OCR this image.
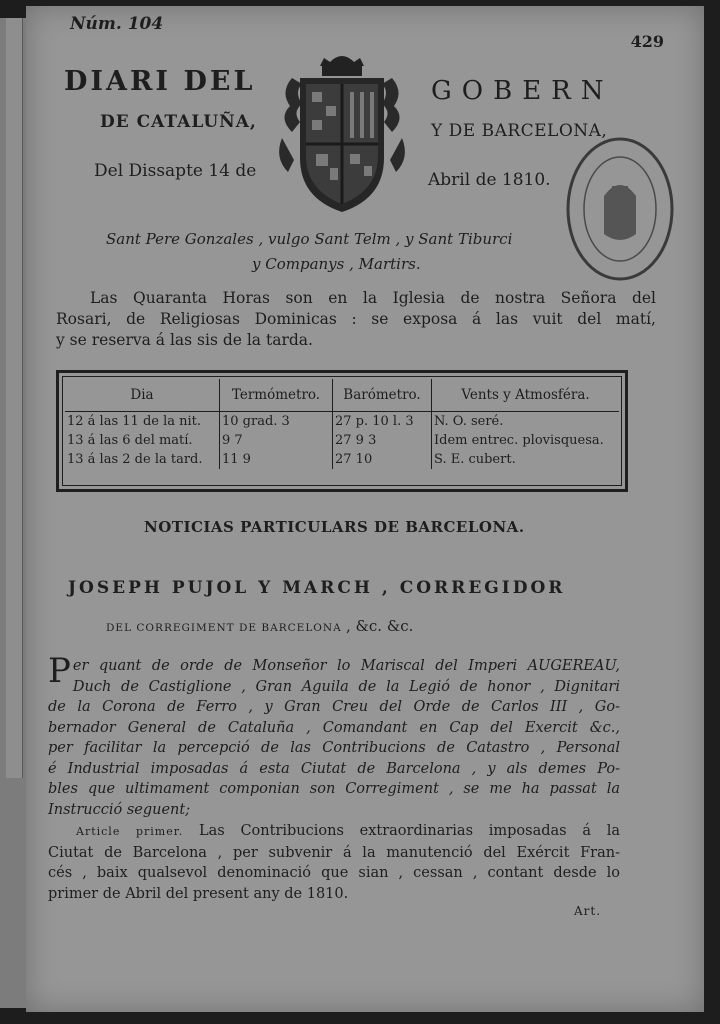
Núm. 104
429
DIARI DEL	GOBERN
DE CATALUÑA,	Y DE BARCELONA,
Del Dissapte 14 de	Abril de 1810.
Sant Pere Gonzales , vulgo Sant Telm , y Sant Tiburci
y Companys , Martirs.
Las Quaranta Horas son en la Iglesia de nostra Señora del
Rosari, de Religiosas Dominicas : se exposa á las vuit del matí,
y se reserva á las sis de la tarda.
Dia	Termómetro.	Barómetro.	Vents y Atmosféra.
12 á las 11 de la nit.	10 grad. 3	27 p. 10 l. 3	N. O. seré.
13 á las 6 del matí.	9 7	27 9 3	Idem entrec. plovisquesa.
13 á las 2 de la tard.	11 9	27 10	S. E. cubert.
NOTICIAS PARTICULARS DE BARCELONA.
JOSEPH PUJOL Y MARCH , CORREGIDOR
DEL CORREGIMENT DE BARCELONA , &c. &c.
P er quant de orde de Monseñor lo Mariscal del Imperi AUGEREAU,
Duch de Castiglione , Gran Aguila de la Legió de honor , Dignitari
de la Corona de Ferro , y Gran Creu del Orde de Carlos III , Go-
bernador General de Cataluña , Comandant en Cap del Exercit &c.,
per facilitar la percepció de las Contribucions de Catastro , Personal
é Industrial imposadas á esta Ciutat de Barcelona , y als demes Po-
bles que ultimament componian son Corregiment , se me ha passat la
Instrucció seguent;
Article primer. Las Contribucions extraordinarias imposadas á la
Ciutat de Barcelona , per subvenir á la manutenció del Exércit Fran-
cés , baix qualsevol denominació que sian , cessan , contant desde lo
primer de Abril del present any de 1810.
Art.
